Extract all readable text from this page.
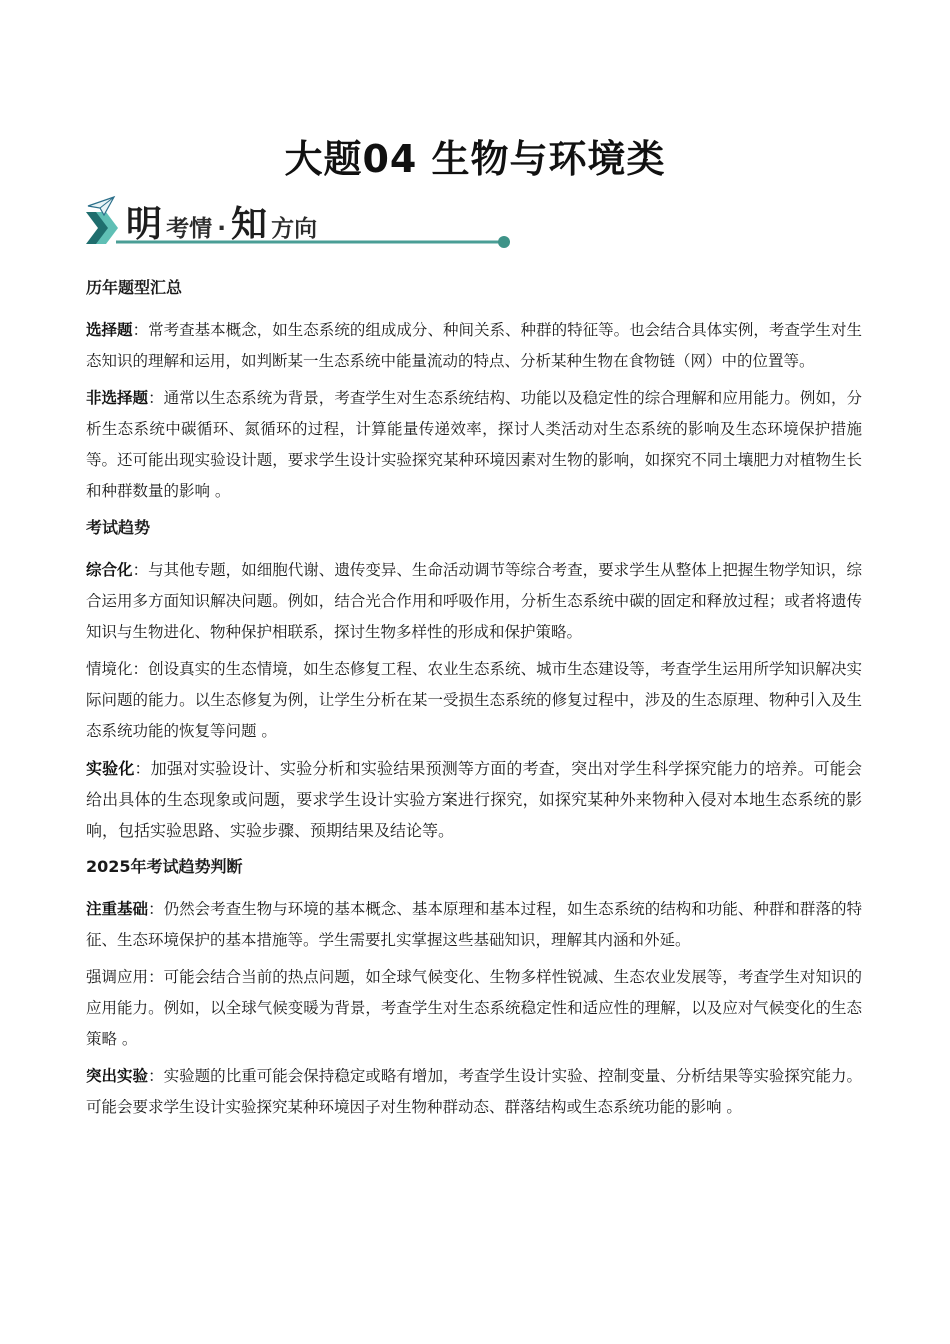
大题04 生物与环境类
明 考情 · 知 方向
历年题型汇总

选择题：常考查基本概念，如生态系统的组成成分、种间关系、种群的特征等。也会结合具体实例，考查学生对生态知识的理解和运用，如判断某一生态系统中能量流动的特点、分析某种生物在食物链（网）中的位置等。

非选择题：通常以生态系统为背景，考查学生对生态系统结构、功能以及稳定性的综合理解和应用能力。例如，分析生态系统中碳循环、氮循环的过程，计算能量传递效率，探讨人类活动对生态系统的影响及生态环境保护措施等。还可能出现实验设计题，要求学生设计实验探究某种环境因素对生物的影响，如探究不同土壤肥力对植物生长和种群数量的影响 。

考试趋势

综合化：与其他专题，如细胞代谢、遗传变异、生命活动调节等综合考查，要求学生从整体上把握生物学知识，综合运用多方面知识解决问题。例如，结合光合作用和呼吸作用，分析生态系统中碳的固定和释放过程；或者将遗传知识与生物进化、物种保护相联系，探讨生物多样性的形成和保护策略。

情境化：创设真实的生态情境，如生态修复工程、农业生态系统、城市生态建设等，考查学生运用所学知识解决实际问题的能力。以生态修复为例，让学生分析在某一受损生态系统的修复过程中，涉及的生态原理、物种引入及生态系统功能的恢复等问题 。

实验化：加强对实验设计、实验分析和实验结果预测等方面的考查，突出对学生科学探究能力的培养。可能会给出具体的生态现象或问题，要求学生设计实验方案进行探究，如探究某种外来物种入侵对本地生态系统的影响，包括实验思路、实验步骤、预期结果及结论等。

2025年考试趋势判断

注重基础：仍然会考查生物与环境的基本概念、基本原理和基本过程，如生态系统的结构和功能、种群和群落的特征、生态环境保护的基本措施等。学生需要扎实掌握这些基础知识，理解其内涵和外延。

强调应用：可能会结合当前的热点问题，如全球气候变化、生物多样性锐减、生态农业发展等，考查学生对知识的应用能力。例如，以全球气候变暖为背景，考查学生对生态系统稳定性和适应性的理解，以及应对气候变化的生态策略 。

突出实验：实验题的比重可能会保持稳定或略有增加，考查学生设计实验、控制变量、分析结果等实验探究能力。可能会要求学生设计实验探究某种环境因子对生物种群动态、群落结构或生态系统功能的影响 。
